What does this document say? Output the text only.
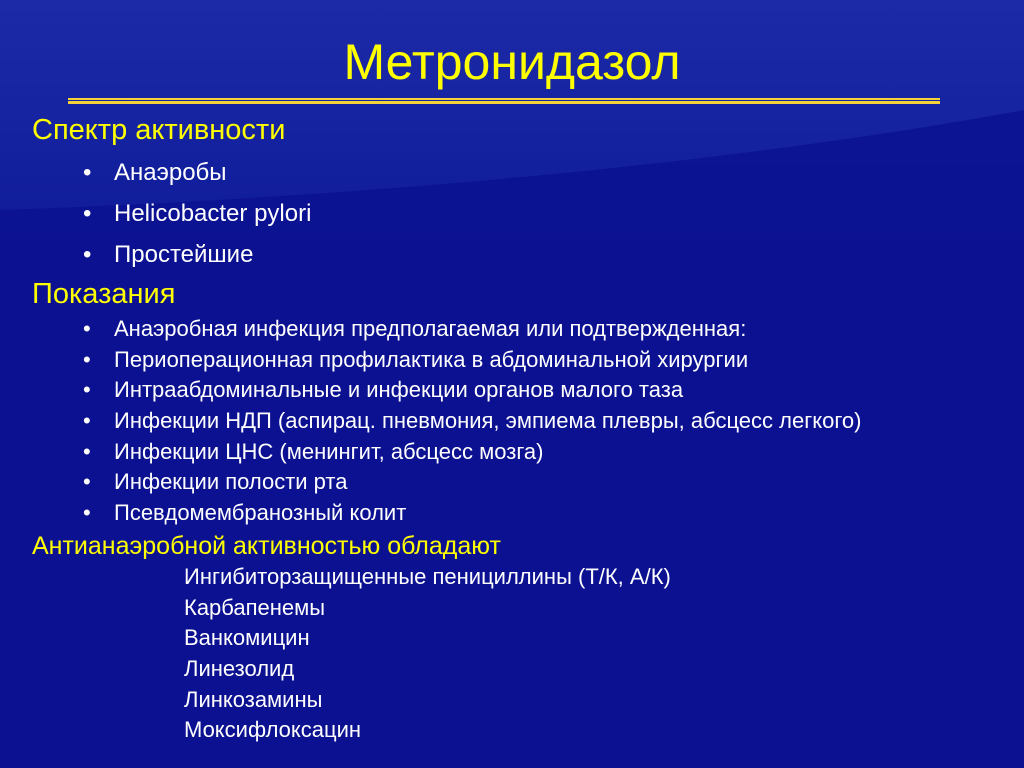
Метронидазол
Спектр активности
• Анаэробы
• Helicobacter pylori
• Простейшие
Показания
• Анаэробная инфекция предполагаемая или подтвержденная:
• Периоперационная профилактика в абдоминальной хирургии
• Интраабдоминальные и инфекции органов малого таза
• Инфекции НДП (аспирац. пневмония, эмпиема плевры, абсцесс легкого)
• Инфекции ЦНС (менингит, абсцесс мозга)
• Инфекции полости рта
• Псевдомембранозный колит
Антианаэробной активностью обладают
Ингибиторзащищенные пенициллины (Т/К, А/К)
Карбапенемы
Ванкомицин
Линезолид
Линкозамины
Моксифлоксацин
